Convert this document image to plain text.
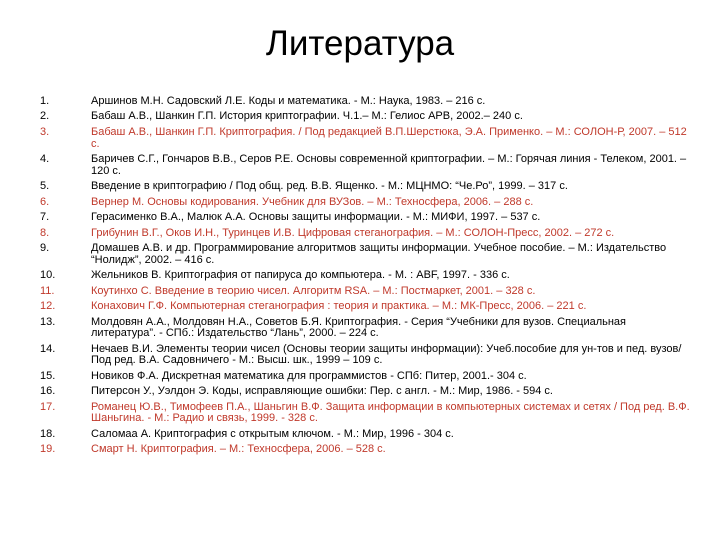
Литература
1.	Аршинов М.Н. Садовский Л.Е. Коды и математика. - М.: Наука, 1983. – 216 с.
2.	Бабаш А.В., Шанкин Г.П. История криптографии. Ч.1.– М.: Гелиос АРВ, 2002.– 240 с.
3.	Бабаш А.В., Шанкин Г.П. Криптография. / Под редакцией В.П.Шерстюка, Э.А. Применко. – М.: СОЛОН-Р, 2007. – 512 с.
4.	Баричев С.Г., Гончаров В.В., Серов Р.Е. Основы современной криптографии. – М.: Горячая линия - Телеком, 2001. – 120 с.
5.	Введение в криптографию / Под общ. ред. В.В. Ященко. - М.: МЦНМО: “Че.Ро”, 1999. – 317 с.
6.	Вернер М. Основы кодирования. Учебник для ВУЗов. – М.: Техносфера, 2006. – 288 с.
7.	Герасименко В.А., Малюк А.А. Основы защиты информации. - М.: МИФИ, 1997. – 537 с.
8.	Грибунин В.Г., Оков И.Н., Туринцев И.В. Цифровая стеганография. – М.: СОЛОН-Пресс, 2002. – 272 с.
9.	Домашев А.В. и др. Программирование алгоритмов защиты информации. Учебное пособие. – М.: Издательство “Нолидж”, 2002. – 416 с.
10.	Жельников В. Криптография от папируса до компьютера. - М. : ABF, 1997. - 336 с.
11.	Коутинхо С. Введение в теорию чисел. Алгоритм RSA. – М.: Постмаркет, 2001. – 328 с.
12.	Конахович Г.Ф. Компьютерная стеганография : теория и практика. – М.: МК-Пресс, 2006. – 221 с.
13.	Молдовян А.А., Молдовян Н.А., Советов Б.Я. Криптография. - Серия “Учебники для вузов. Специальная литература”. - СПб.: Издательство “Лань”, 2000. – 224 с.
14.	Нечаев В.И. Элементы теории чисел (Основы теории защиты информации): Учеб.пособие для ун-тов и пед. вузов/ Под ред. В.А. Садовничего - М.: Высш. шк., 1999 – 109 с.
15.	Новиков Ф.А. Дискретная математика для программистов - СПб: Питер, 2001.- 304 с.
16.	Питерсон У., Уэлдон Э. Коды, исправляющие ошибки: Пер. с англ. - М.: Мир, 1986. - 594 с.
17.	Романец Ю.В., Тимофеев П.А., Шаньгин В.Ф. Защита информации в компьютерных системах и сетях / Под ред. В.Ф. Шаньгина. - М.: Радио и связь, 1999. - 328 с.
18.	Саломаа А. Криптография с открытым ключом. - М.: Мир, 1996 - 304 с.
19.	Смарт Н. Криптография. – М.: Техносфера, 2006. – 528 с.
